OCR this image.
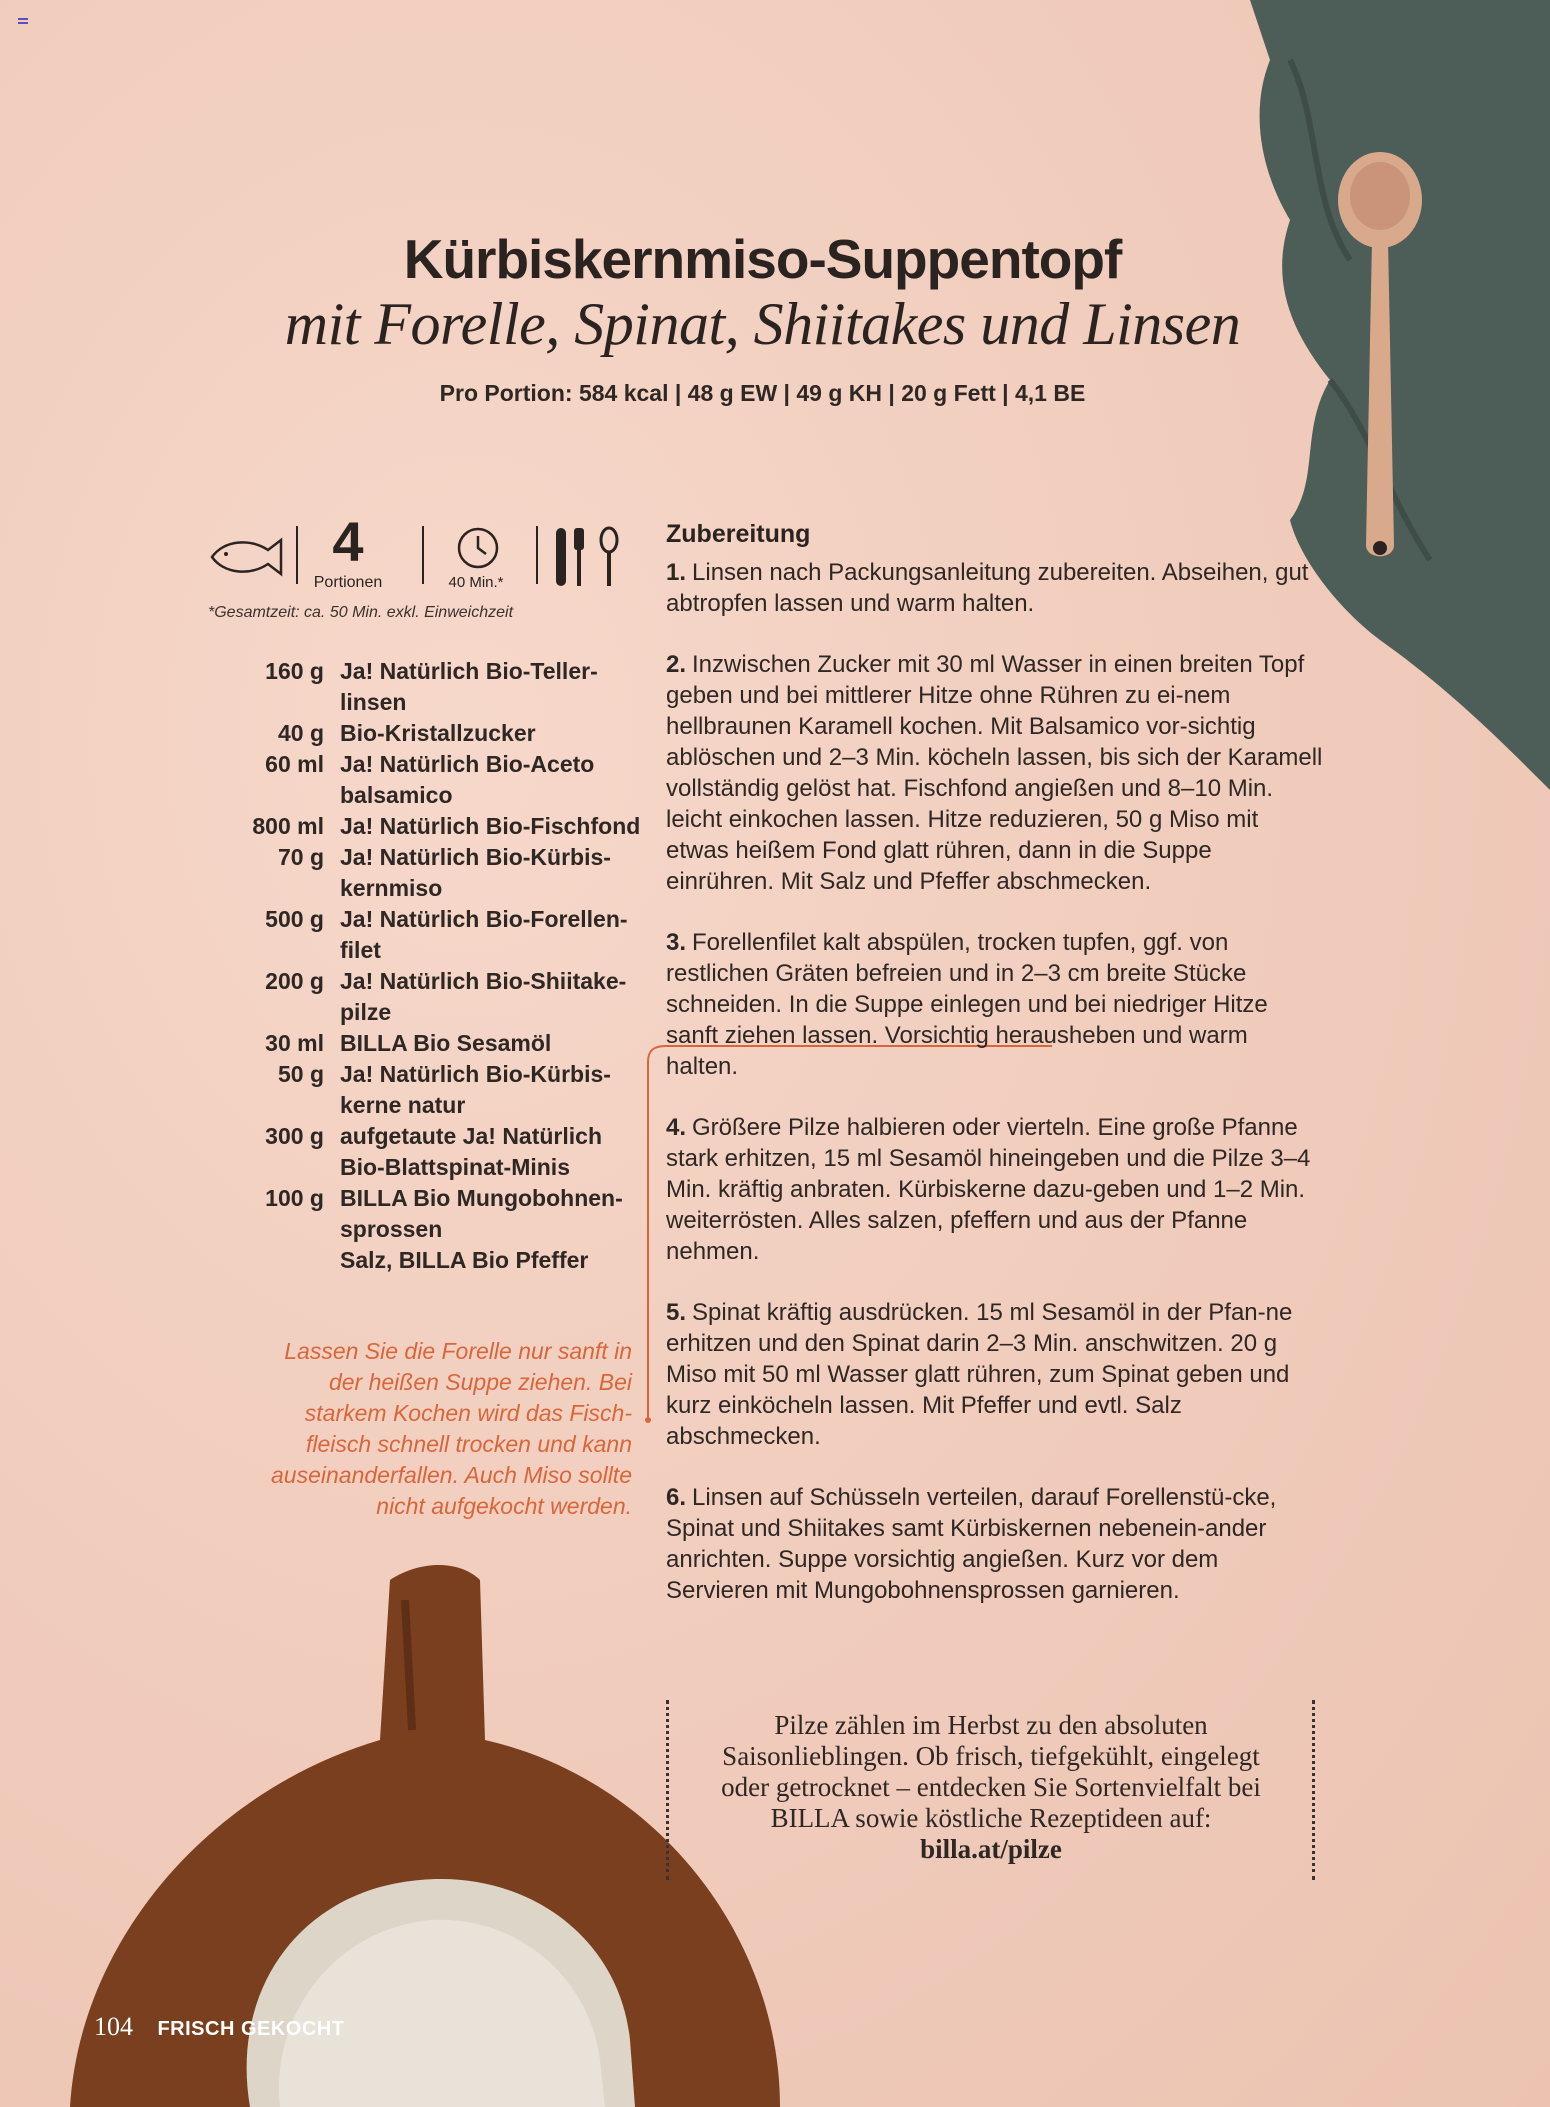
Kürbiskernmiso-Suppentopf
mit Forelle, Spinat, Shiitakes und Linsen
Pro Portion: 584 kcal | 48 g EW | 49 g KH | 20 g Fett | 4,1 BE
4
Portionen	40 Min.*
*Gesamtzeit: ca. 50 Min. exkl. Einweichzeit
160 g Ja! Natürlich Bio-Teller-linsen
40 g Bio-Kristallzucker
60 ml Ja! Natürlich Bio-Aceto balsamico
800 ml Ja! Natürlich Bio-Fischfond
70 g Ja! Natürlich Bio-Kürbis-kernmiso
500 g Ja! Natürlich Bio-Forellen-filet
200 g Ja! Natürlich Bio-Shiitake-pilze
30 ml BILLA Bio Sesamöl
50 g Ja! Natürlich Bio-Kürbis-kerne natur
300 g aufgetaute Ja! Natürlich Bio-Blattspinat-Minis
100 g BILLA Bio Mungobohnen-sprossen
Salz, BILLA Bio Pfeffer
Lassen Sie die Forelle nur sanft in der heißen Suppe ziehen. Bei starkem Kochen wird das Fisch-fleisch schnell trocken und kann auseinanderfallen. Auch Miso sollte nicht aufgekocht werden.
Zubereitung
1. Linsen nach Packungsanleitung zubereiten. Abseihen, gut abtropfen lassen und warm halten.
2. Inzwischen Zucker mit 30 ml Wasser in einen breiten Topf geben und bei mittlerer Hitze ohne Rühren zu ei-nem hellbraunen Karamell kochen. Mit Balsamico vor-sichtig ablöschen und 2–3 Min. köcheln lassen, bis sich der Karamell vollständig gelöst hat. Fischfond angießen und 8–10 Min. leicht einkochen lassen. Hitze reduzieren, 50 g Miso mit etwas heißem Fond glatt rühren, dann in die Suppe einrühren. Mit Salz und Pfeffer abschmecken.
3. Forellenfilet kalt abspülen, trocken tupfen, ggf. von restlichen Gräten befreien und in 2–3 cm breite Stücke schneiden. In die Suppe einlegen und bei niedriger Hitze sanft ziehen lassen. Vorsichtig herausheben und warm halten.
4. Größere Pilze halbieren oder vierteln. Eine große Pfanne stark erhitzen, 15 ml Sesamöl hineingeben und die Pilze 3–4 Min. kräftig anbraten. Kürbiskerne dazu-geben und 1–2 Min. weiterrösten. Alles salzen, pfeffern und aus der Pfanne nehmen.
5. Spinat kräftig ausdrücken. 15 ml Sesamöl in der Pfan-ne erhitzen und den Spinat darin 2–3 Min. anschwitzen. 20 g Miso mit 50 ml Wasser glatt rühren, zum Spinat geben und kurz einköcheln lassen. Mit Pfeffer und evtl. Salz abschmecken.
6. Linsen auf Schüsseln verteilen, darauf Forellenstü-cke, Spinat und Shiitakes samt Kürbiskernen nebenein-ander anrichten. Suppe vorsichtig angießen. Kurz vor dem Servieren mit Mungobohnensprossen garnieren.
Pilze zählen im Herbst zu den absoluten Saisonlieblingen. Ob frisch, tiefgekühlt, eingelegt oder getrocknet – entdecken Sie Sortenvielfalt bei BILLA sowie köstliche Rezeptideen auf: billa.at/pilze
104 FRISCH GEKOCHT
